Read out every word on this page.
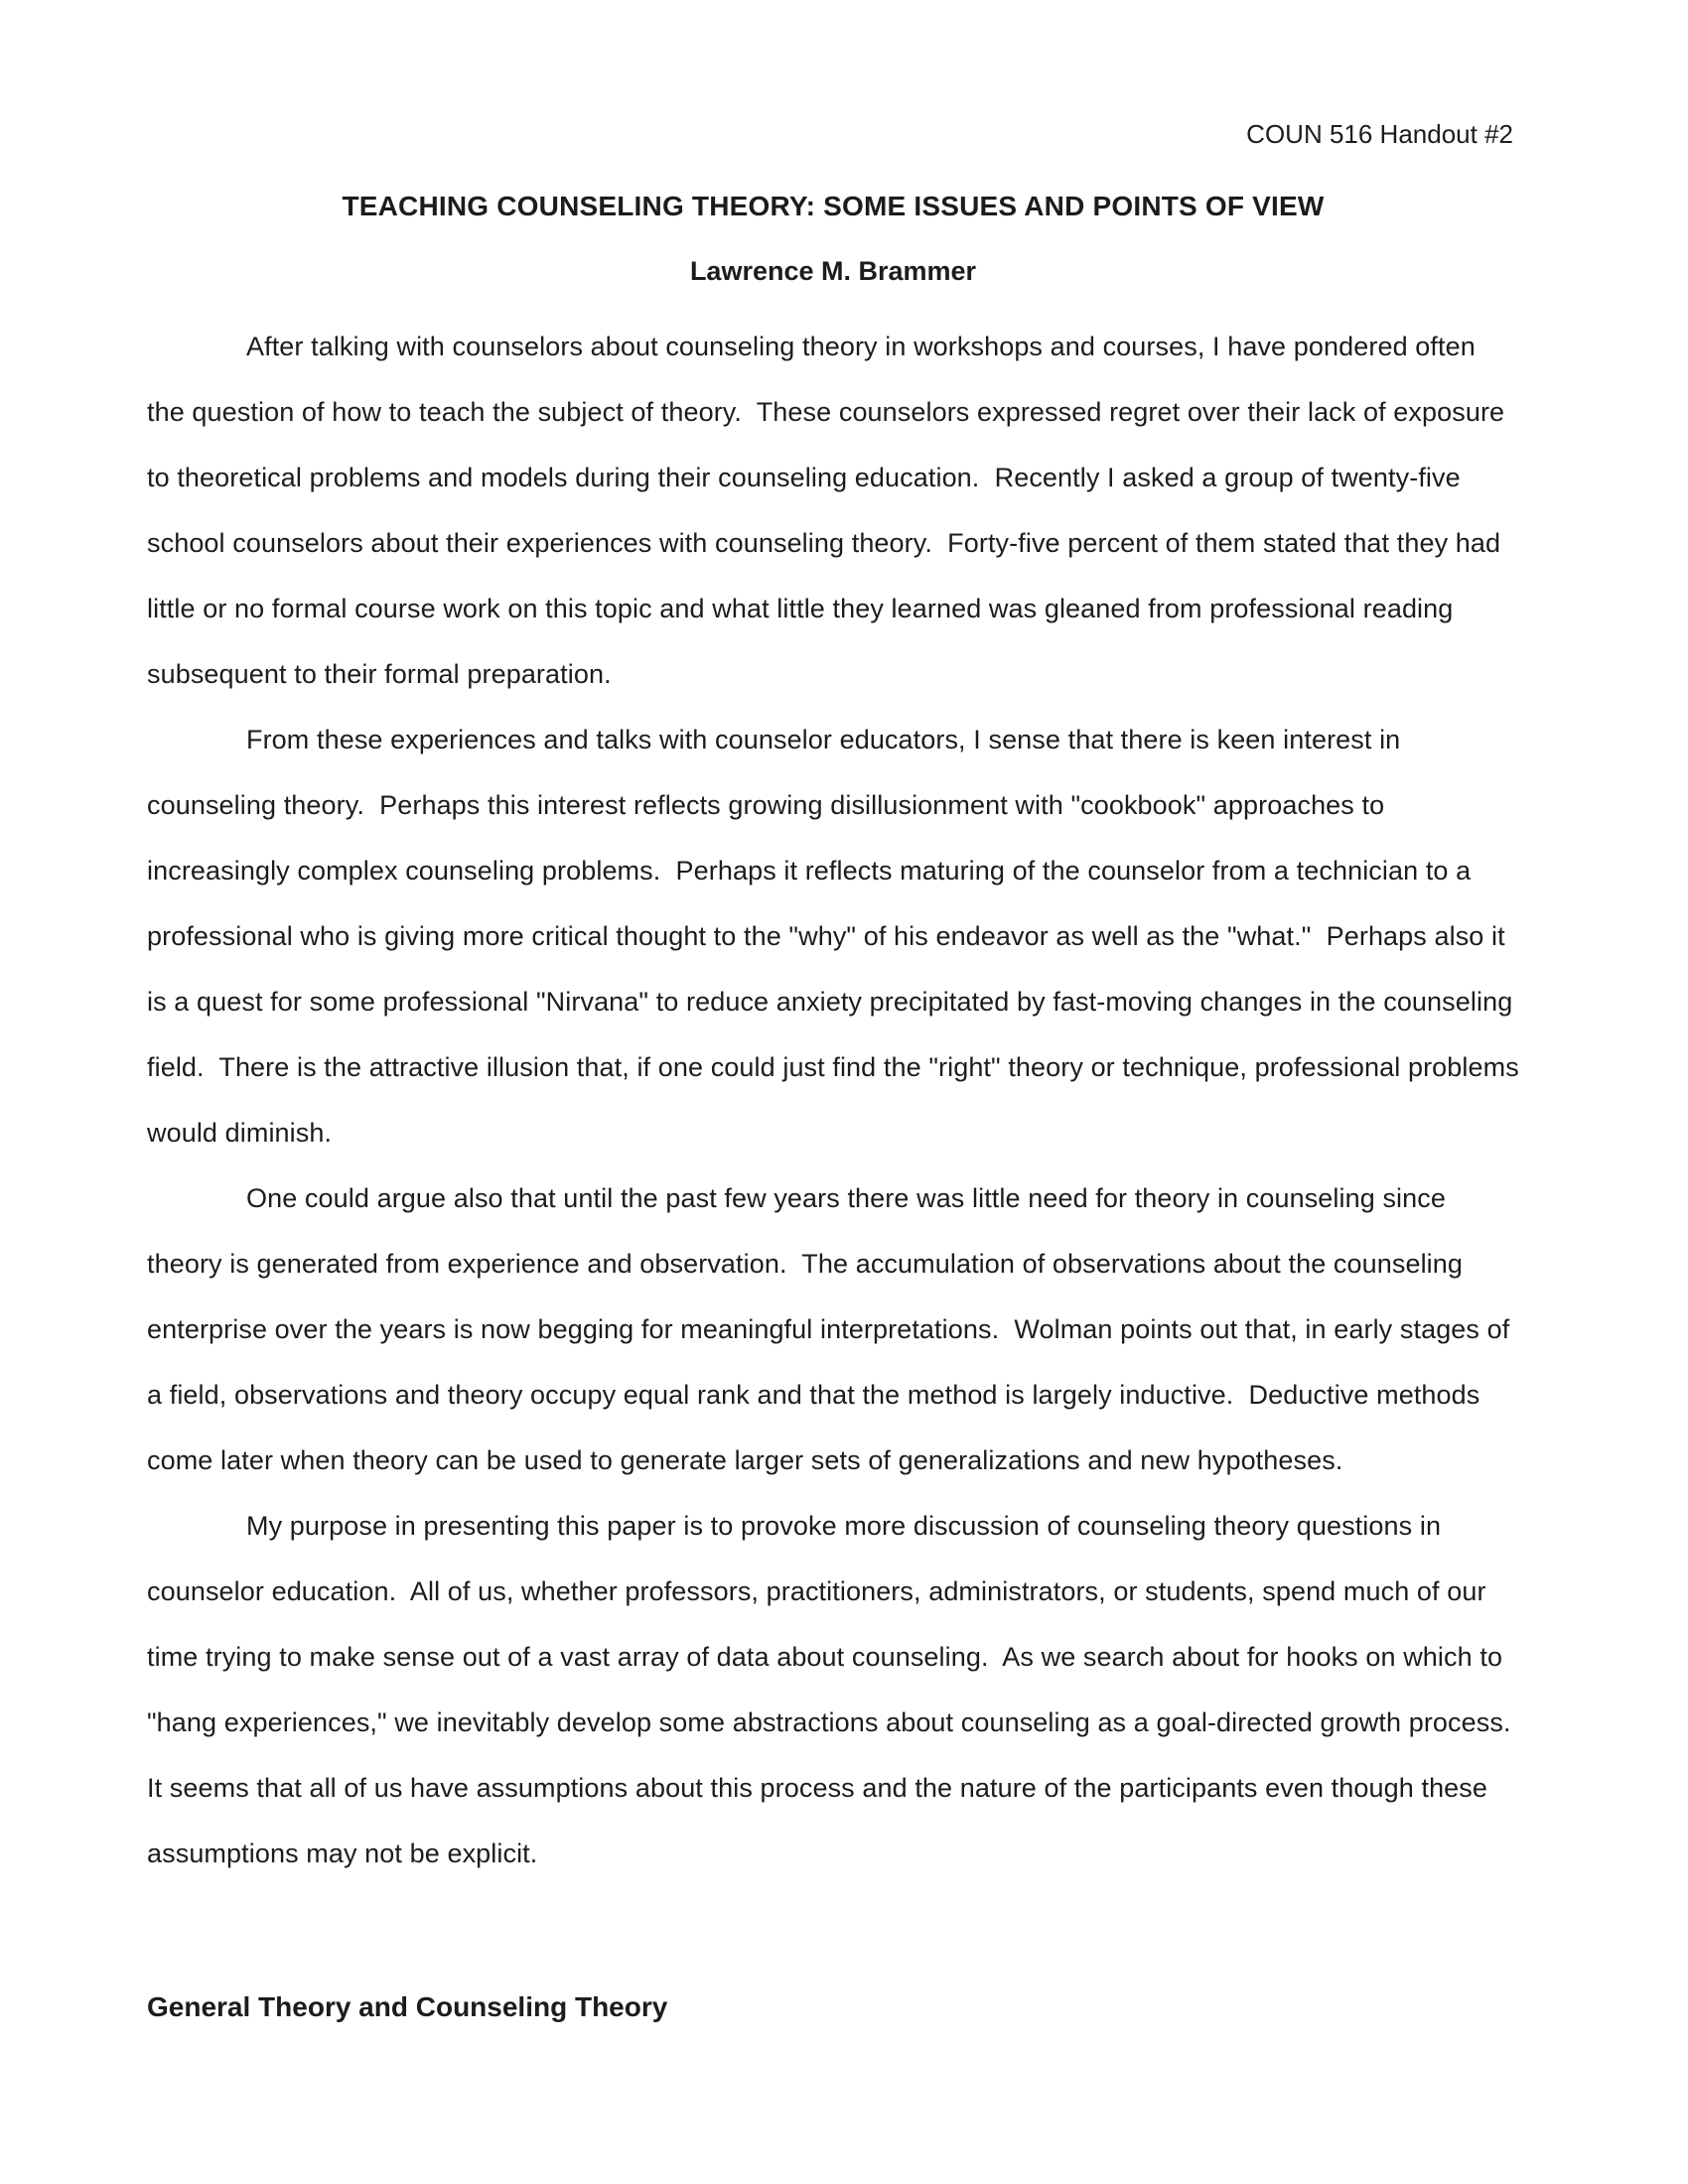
COUN 516 Handout #2
TEACHING COUNSELING THEORY: SOME ISSUES AND POINTS OF VIEW
Lawrence M. Brammer

After talking with counselors about counseling theory in workshops and courses, I have pondered often the question of how to teach the subject of theory.  These counselors expressed regret over their lack of exposure to theoretical problems and models during their counseling education.  Recently I asked a group of twenty-five school counselors about their experiences with counseling theory.  Forty-five percent of them stated that they had little or no formal course work on this topic and what little they learned was gleaned from professional reading subsequent to their formal preparation.

From these experiences and talks with counselor educators, I sense that there is keen interest in counseling theory.  Perhaps this interest reflects growing disillusionment with "cookbook" approaches to increasingly complex counseling problems.  Perhaps it reflects maturing of the counselor from a technician to a professional who is giving more critical thought to the "why" of his endeavor as well as the "what."  Perhaps also it is a quest for some professional "Nirvana" to reduce anxiety precipitated by fast-moving changes in the counseling field.  There is the attractive illusion that, if one could just find the "right" theory or technique, professional problems would diminish.

One could argue also that until the past few years there was little need for theory in counseling since theory is generated from experience and observation.  The accumulation of observations about the counseling enterprise over the years is now begging for meaningful interpretations.  Wolman points out that, in early stages of a field, observations and theory occupy equal rank and that the method is largely inductive.  Deductive methods come later when theory can be used to generate larger sets of generalizations and new hypotheses.

My purpose in presenting this paper is to provoke more discussion of counseling theory questions in counselor education.  All of us, whether professors, practitioners, administrators, or students, spend much of our time trying to make sense out of a vast array of data about counseling.  As we search about for hooks on which to "hang experiences," we inevitably develop some abstractions about counseling as a goal-directed growth process.  It seems that all of us have assumptions about this process and the nature of the participants even though these assumptions may not be explicit.

General Theory and Counseling Theory
